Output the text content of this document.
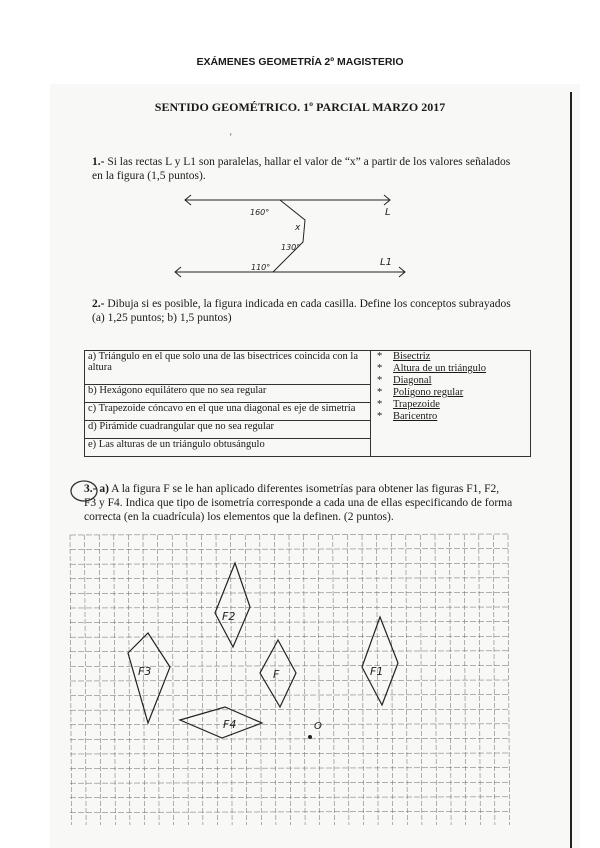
EXÁMENES GEOMETRÍA 2º MAGISTERIO
SENTIDO GEOMÉTRICO. 1º PARCIAL MARZO 2017
'
1.- Si las rectas L y L1 son paralelas, hallar el valor de “x” a partir de los valores señalados en la figura (1,5 puntos).
160°
x
130°
110°
L
L1
2.- Dibuja si es posible, la figura indicada en cada casilla. Define los conceptos subrayados (a) 1,25 puntos; b) 1,5 puntos)
a) Triángulo en el que solo una de las bisectrices coincida con la altura	
* Bisectriz
* Altura de un triángulo
* Diagonal
* Polígono regular
* Trapezoide
* Baricentro

b) Hexágono equilátero que no sea regular
c) Trapezoide cóncavo en el que una diagonal es eje de simetría
d) Pirámide cuadrangular que no sea regular
e) Las alturas de un triángulo obtusángulo
3.- a) A la figura F se le han aplicado diferentes isometrías para obtener las figuras F1, F2, F3 y F4. Indica que tipo de isometría corresponde a cada una de ellas especificando de forma correcta (en la cuadrícula) los elementos que la definen. (2 puntos).
F2
F3	F	F1
F4	O
